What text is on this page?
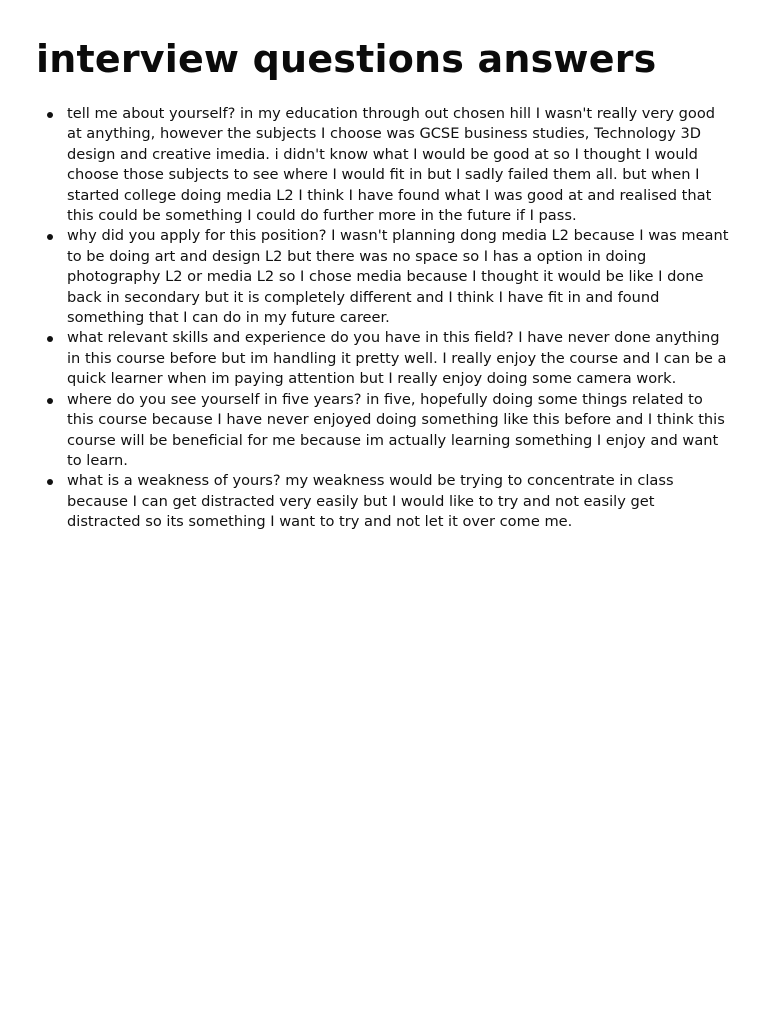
interview questions answers
tell me about yourself? in my education through out chosen hill I wasn't really very good at anything, however the subjects I choose was GCSE business studies, Technology 3D design and creative imedia. i didn't know what I would be good at so I thought I would choose those subjects to see where I would fit in but I sadly failed them all. but when I started college doing media L2 I think I have found what I was good at and realised that this could be something I could do further more in the future if I pass.
why did you apply for this position? I wasn't planning dong media L2 because I was meant to be doing art and design L2 but there was no space so I has a option in doing photography L2 or media L2 so I chose media because I thought it would be like I done back in secondary but it is completely different and I think I have fit in and found something that I can do in my future career.
what relevant skills and experience do you have in this field? I have never done anything in this course before but im handling it pretty well. I really enjoy the course and I can be a quick learner when im paying attention but I really enjoy doing some camera work.
where do you see yourself in five years? in five, hopefully doing some things related to this course because I have never enjoyed doing something like this before and I think this course will be beneficial for me because im actually learning something I enjoy and want to learn.
what is a weakness of yours? my weakness would be trying to concentrate in class because I can get distracted very easily but I would like to try and not easily get distracted so its something I want to try and not let it over come me.
